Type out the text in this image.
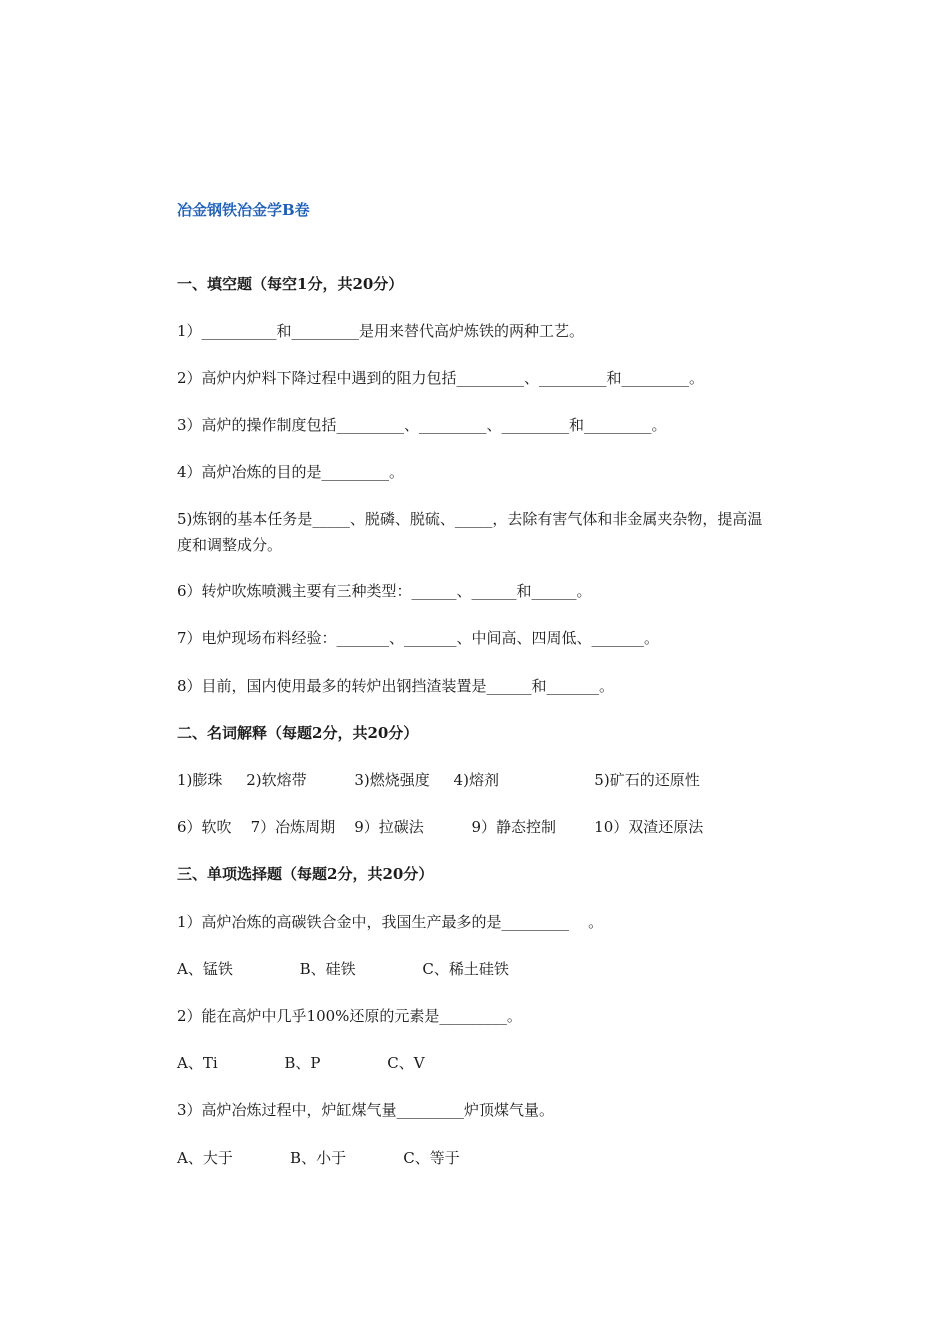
冶金钢铁冶金学B卷
一、填空题（每空1分，共20分）
1）__________和_________是用来替代高炉炼铁的两种工艺。
2）高炉内炉料下降过程中遇到的阻力包括_________、_________和_________。
3）高炉的操作制度包括_________、_________、_________和_________。
4）高炉冶炼的目的是_________。
5)炼钢的基本任务是_____、脱磷、脱硫、_____，去除有害气体和非金属夹杂物，提高温度和调整成分。
6）转炉吹炼喷溅主要有三种类型：______、______和______。
7）电炉现场布料经验：_______、_______、中间高、四周低、_______。
8）目前，国内使用最多的转炉出钢挡渣装置是______和_______。
二、名词解释（每题2分，共20分）
1)膨珠     2)软熔带          3)燃烧强度     4)熔剂                    5)矿石的还原性
6）软吹    7）冶炼周期    9）拉碳法          9）静态控制        10）双渣还原法
三、单项选择题（每题2分，共20分）
1）高炉冶炼的高碳铁合金中，我国生产最多的是_________    。
A、锰铁              B、硅铁              C、稀土硅铁
2）能在高炉中几乎100%还原的元素是_________。
A、Ti              B、P              C、V
3）高炉冶炼过程中，炉缸煤气量_________炉顶煤气量。
A、大于            B、小于            C、等于
